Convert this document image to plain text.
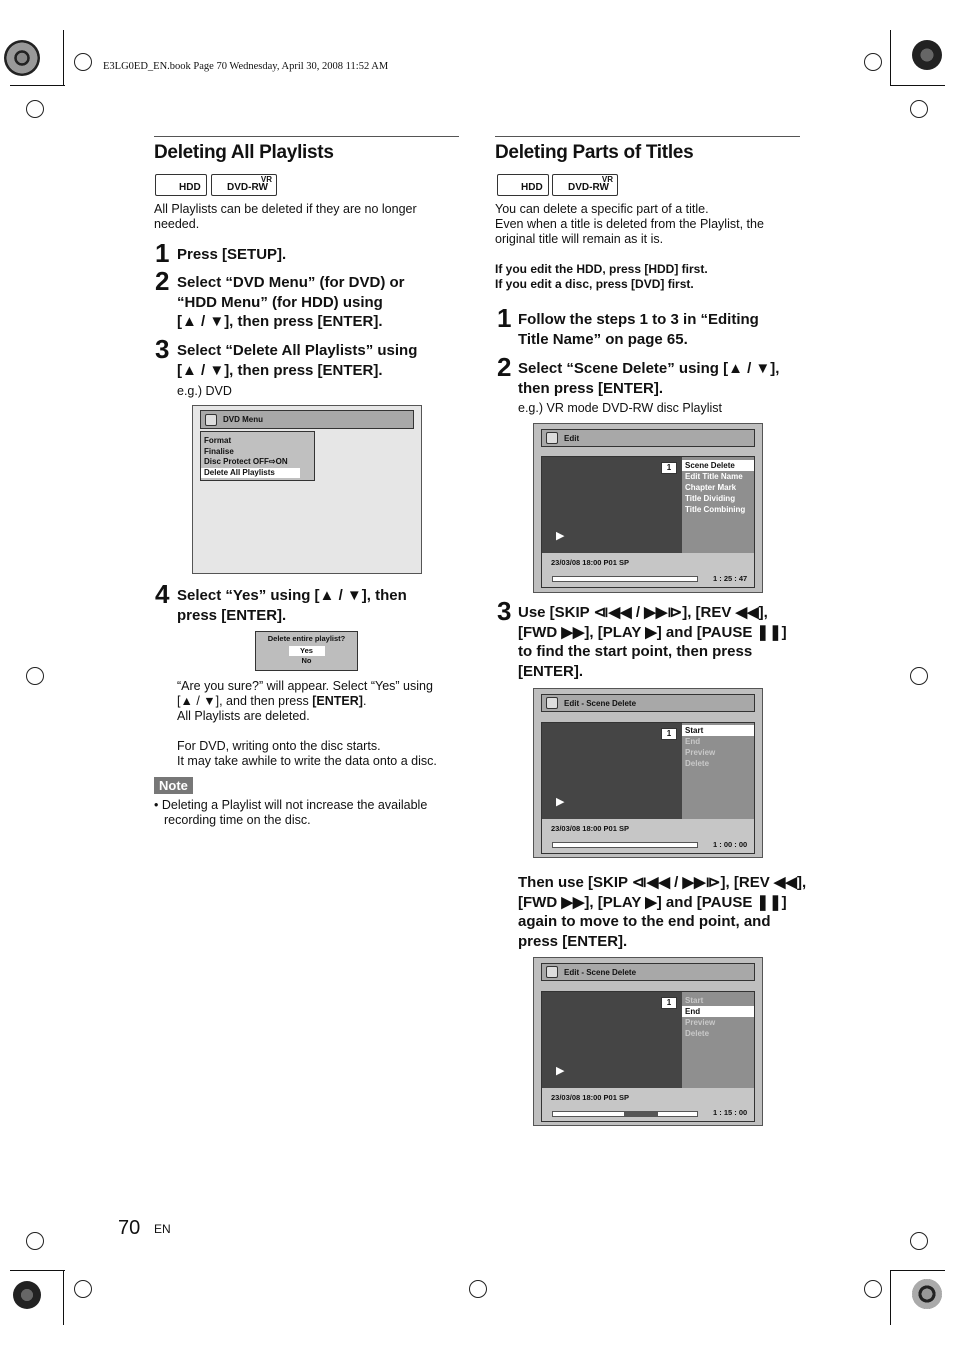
E3LG0ED_EN.book Page 70 Wednesday, April 30, 2008 11:52 AM
Deleting All Playlists
HDD
VR
DVD-RW
All Playlists can be deleted if they are no longer
needed.
1 Press [SETUP].
2 Select “DVD Menu” (for DVD) or
“HDD Menu” (for HDD) using
[▲ / ▼], then press [ENTER].
3 Select “Delete All Playlists” using
[▲ / ▼], then press [ENTER].
e.g.) DVD
DVD Menu
Format
Finalise
Disc Protect OFF⇨ON
Delete All Playlists
4 Select “Yes” using [▲ / ▼], then
press [ENTER].
Delete entire playlist?
Yes
No
“Are you sure?” will appear. Select “Yes” using
[▲ / ▼], and then press [ENTER].
All Playlists are deleted.
For DVD, writing onto the disc starts.
It may take awhile to write the data onto a disc.
Note
• Deleting a Playlist will not increase the available
recording time on the disc.
Deleting Parts of Titles
HDD
VR
DVD-RW
You can delete a specific part of a title.
Even when a title is deleted from the Playlist, the
original title will remain as it is.
If you edit the HDD, press [HDD] first.
If you edit a disc, press [DVD] first.
1 Follow the steps 1 to 3 in “Editing
Title Name” on page 65.
2 Select “Scene Delete” using [▲ / ▼],
then press [ENTER].
e.g.) VR mode DVD-RW disc Playlist
Edit
1
▶
Scene Delete
Edit Title Name
Chapter Mark
Title Dividing
Title Combining
23/03/08 18:00 P01 SP
1 : 25 : 47
3 Use [SKIP ⧏◀◀ / ▶▶⧐], [REV ◀◀],
[FWD ▶▶], [PLAY ▶] and [PAUSE ❚❚]
to find the start point, then press
[ENTER].
Edit - Scene Delete
1
▶
Start
End
Preview
Delete
23/03/08 18:00 P01 SP
1 : 00 : 00
Then use [SKIP ⧏◀◀ / ▶▶⧐], [REV ◀◀],
[FWD ▶▶], [PLAY ▶] and [PAUSE ❚❚]
again to move to the end point, and
press [ENTER].
Edit - Scene Delete
1
▶
Start
End
Preview
Delete
23/03/08 18:00 P01 SP
1 : 15 : 00
70 EN
